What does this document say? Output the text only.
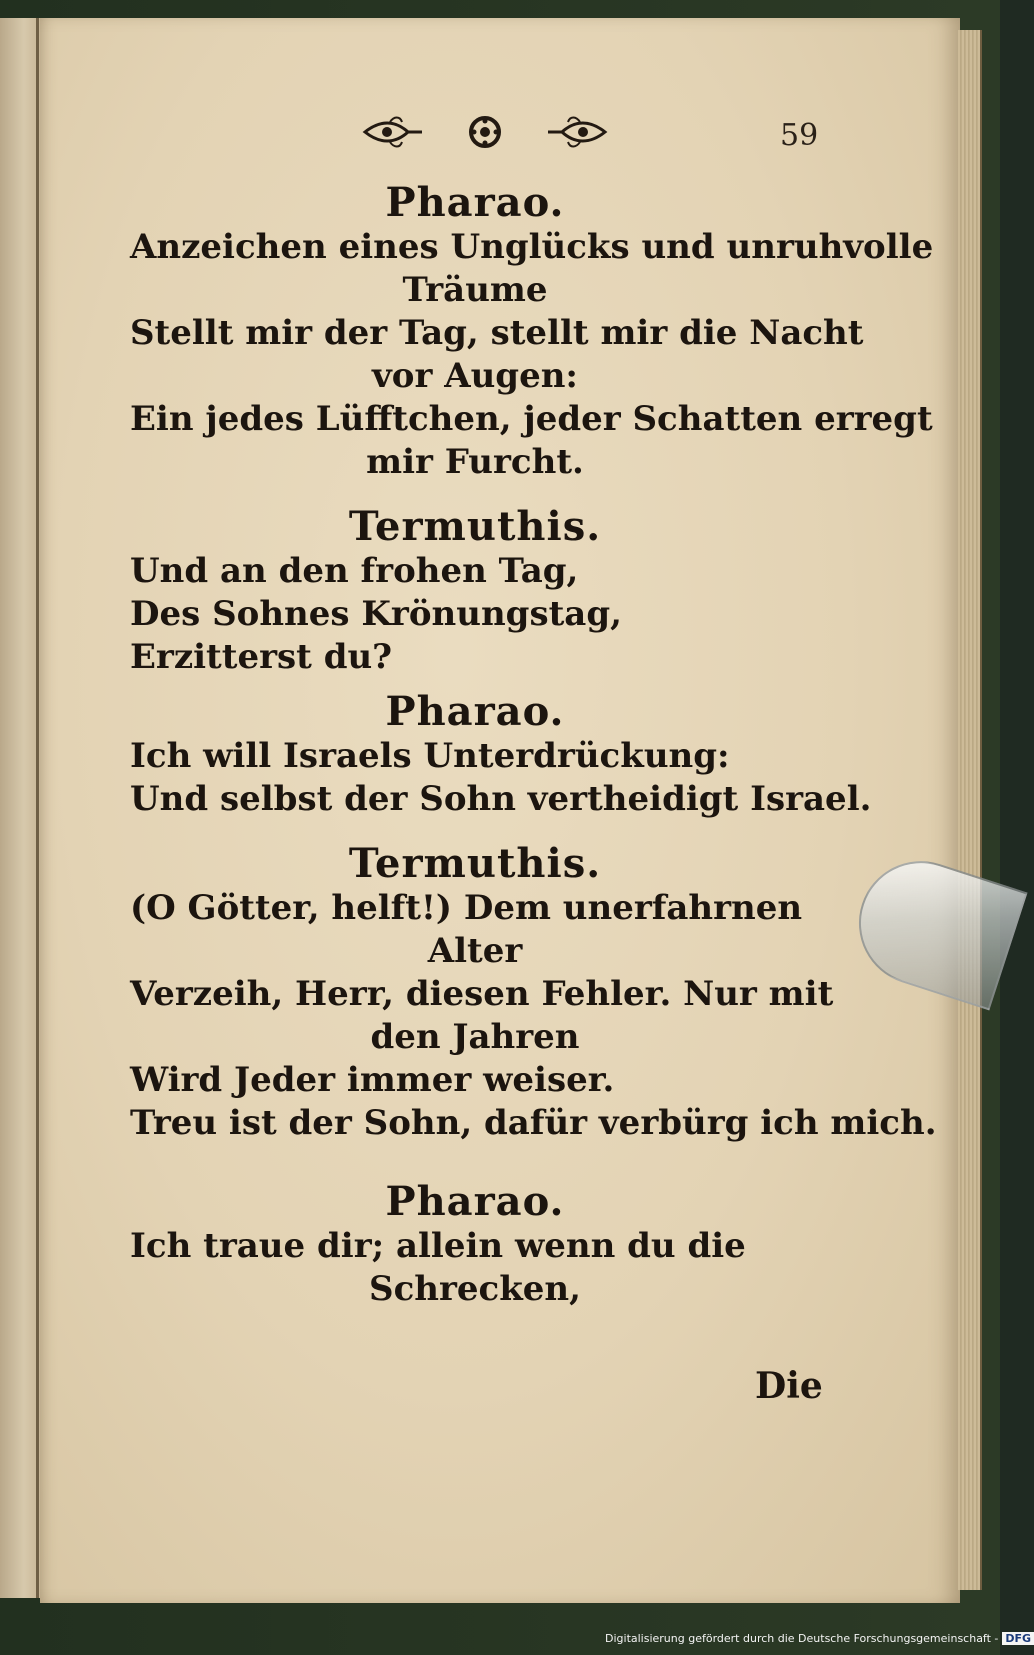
59

Pharao.

Anzeichen eines Unglücks und unruhvolle

Träume

Stellt mir der Tag, stellt mir die Nacht

vor Augen:

Ein jedes Lüfftchen, jeder Schatten erregt

mir Furcht.

Termuthis.

Und an den frohen Tag,

Des Sohnes Krönungstag,

Erzitterst du?

Pharao.

Ich will Israels Unterdrückung:

Und selbst der Sohn vertheidigt Israel.

Termuthis.

(O Götter, helft!) Dem unerfahrnen

Alter

Verzeih, Herr, diesen Fehler. Nur mit

den Jahren

Wird Jeder immer weiser.

Treu ist der Sohn, dafür verbürg ich mich.

Pharao.

Ich traue dir; allein wenn du die

Schrecken,

Die
Digitalisierung gefördert durch die Deutsche Forschungsgemeinschaft - DFG
